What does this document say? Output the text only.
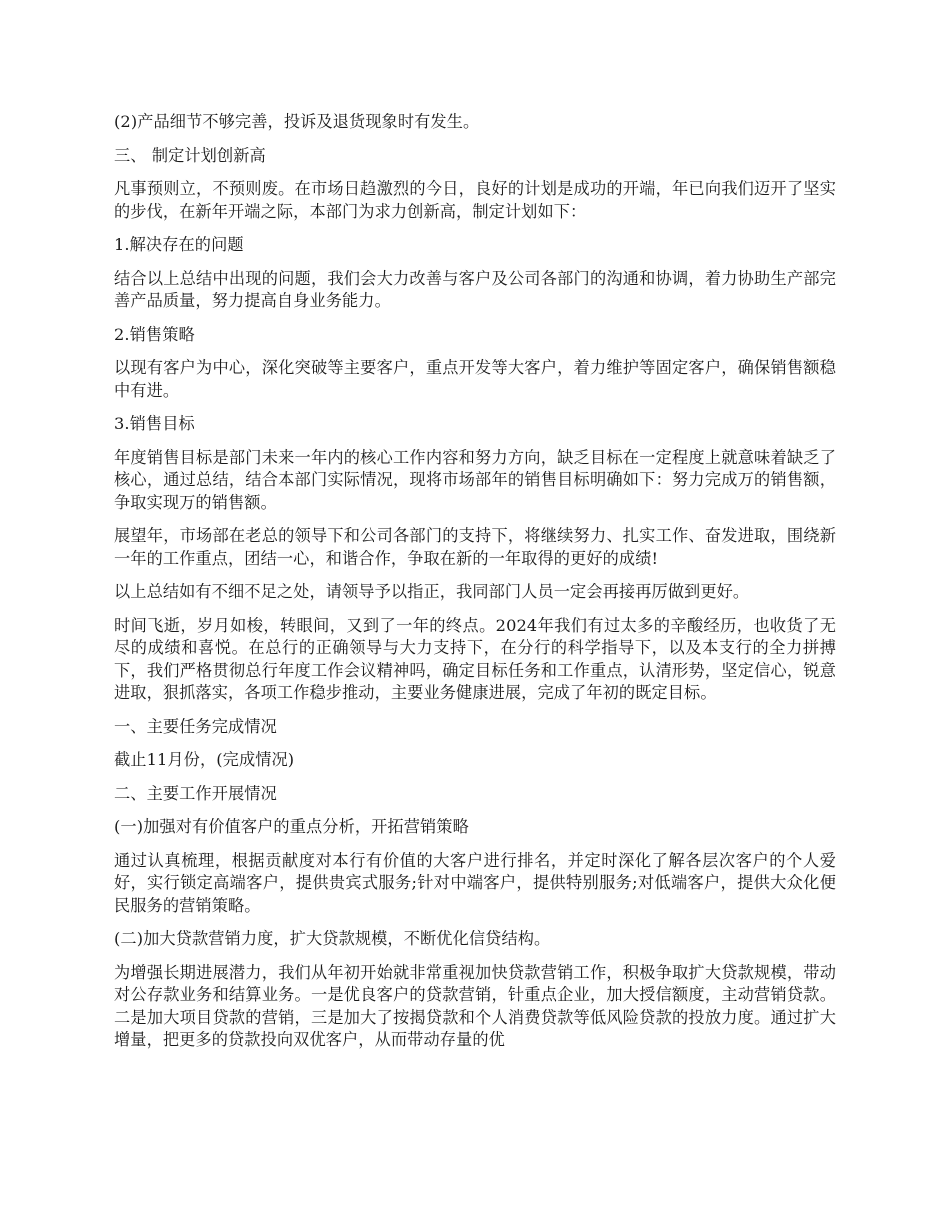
(2)产品细节不够完善，投诉及退货现象时有发生。

三、 制定计划创新高

凡事预则立，不预则废。在市场日趋激烈的今日，良好的计划是成功的开端，年已向我们迈开了坚实的步伐，在新年开端之际，本部门为求力创新高，制定计划如下：

1.解决存在的问题

结合以上总结中出现的问题，我们会大力改善与客户及公司各部门的沟通和协调，着力协助生产部完善产品质量，努力提高自身业务能力。

2.销售策略

以现有客户为中心，深化突破等主要客户，重点开发等大客户，着力维护等固定客户，确保销售额稳中有进。

3.销售目标

年度销售目标是部门未来一年内的核心工作内容和努力方向，缺乏目标在一定程度上就意味着缺乏了核心，通过总结，结合本部门实际情况，现将市场部年的销售目标明确如下：努力完成万的销售额，争取实现万的销售额。

展望年，市场部在老总的领导下和公司各部门的支持下，将继续努力、扎实工作、奋发进取，围绕新一年的工作重点，团结一心，和谐合作，争取在新的一年取得的更好的成绩!

以上总结如有不细不足之处，请领导予以指正，我同部门人员一定会再接再厉做到更好。

时间飞逝，岁月如梭，转眼间，又到了一年的终点。2024年我们有过太多的辛酸经历，也收货了无尽的成绩和喜悦。在总行的正确领导与大力支持下，在分行的科学指导下，以及本支行的全力拼搏下，我们严格贯彻总行年度工作会议精神吗，确定目标任务和工作重点，认清形势，坚定信心，锐意进取，狠抓落实，各项工作稳步推动，主要业务健康进展，完成了年初的既定目标。

一、主要任务完成情况

截止11月份，(完成情况)

二、主要工作开展情况

(一)加强对有价值客户的重点分析，开拓营销策略

通过认真梳理，根据贡献度对本行有价值的大客户进行排名，并定时深化了解各层次客户的个人爱好，实行锁定高端客户，提供贵宾式服务;针对中端客户，提供特别服务;对低端客户，提供大众化便民服务的营销策略。

(二)加大贷款营销力度，扩大贷款规模，不断优化信贷结构。

为增强长期进展潜力，我们从年初开始就非常重视加快贷款营销工作，积极争取扩大贷款规模，带动对公存款业务和结算业务。一是优良客户的贷款营销，针重点企业，加大授信额度，主动营销贷款。二是加大项目贷款的营销，三是加大了按揭贷款和个人消费贷款等低风险贷款的投放力度。通过扩大增量，把更多的贷款投向双优客户，从而带动存量的优
